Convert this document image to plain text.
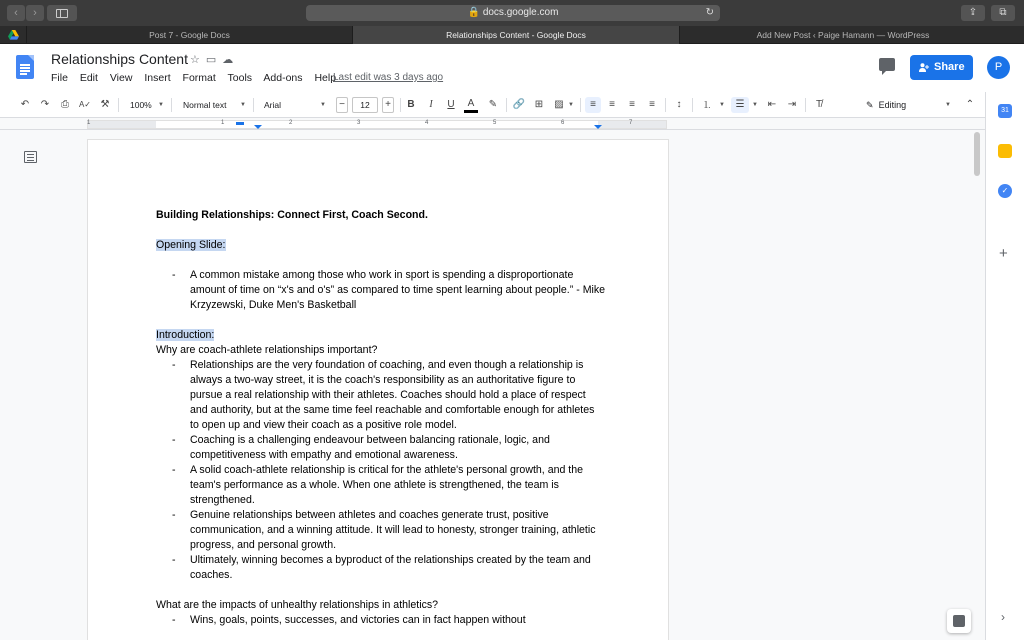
‹	›	🔒 docs.google.com	↻	⇪	⧉
Post 7 - Google Docs	Relationships Content - Google Docs	Add New Post ‹ Paige Hamann — WordPress
Relationships Content ☆▭☁
File Edit View Insert Format Tools Add-ons Help
Last edit was 3 days ago
Share	P
↶ ↷	⎙	A✓ ⚒ 100% ▼ Normal text ▼ Arial	▼	−	12	+	B	I	U	A	✎ 🔗 ⊞ ▨ ▼	≡	≡	≡	≡	↕	⒈	▼	☰	▼ ⇤ ⇥	T̸	✎ Editing	▼ ⌃
1	1	2	3	4	5	6	7

Building Relationships: Connect First, Coach Second.

Opening Slide:

- A common mistake among those who work in sport is spending a disproportionate amount of time on “x's and o's” as compared to time spent learning about people.” - Mike Krzyzewski, Duke Men's Basketball

Introduction:

Why are coach-athlete relationships important?

- Relationships are the very foundation of coaching, and even though a relationship is always a two-way street, it is the coach's responsibility as an authoritative figure to pursue a real relationship with their athletes. Coaches should hold a place of respect and authority, but at the same time feel reachable and comfortable enough for athletes to open up and view their coach as a positive role model.

- Coaching is a challenging endeavour between balancing rationale, logic, and competitiveness with empathy and emotional awareness.

- A solid coach-athlete relationship is critical for the athlete's personal growth, and the team's performance as a whole. When one athlete is strengthened, the team is strengthened.

- Genuine relationships between athletes and coaches generate trust, positive communication, and a winning attitude. It will lead to honesty, stronger training, athletic progress, and personal growth.

- Ultimately, winning becomes a byproduct of the relationships created by the team and coaches.

What are the impacts of unhealthy relationships in athletics?

- Wins, goals, points, successes, and victories can in fact happen without

31
✓
+
›
